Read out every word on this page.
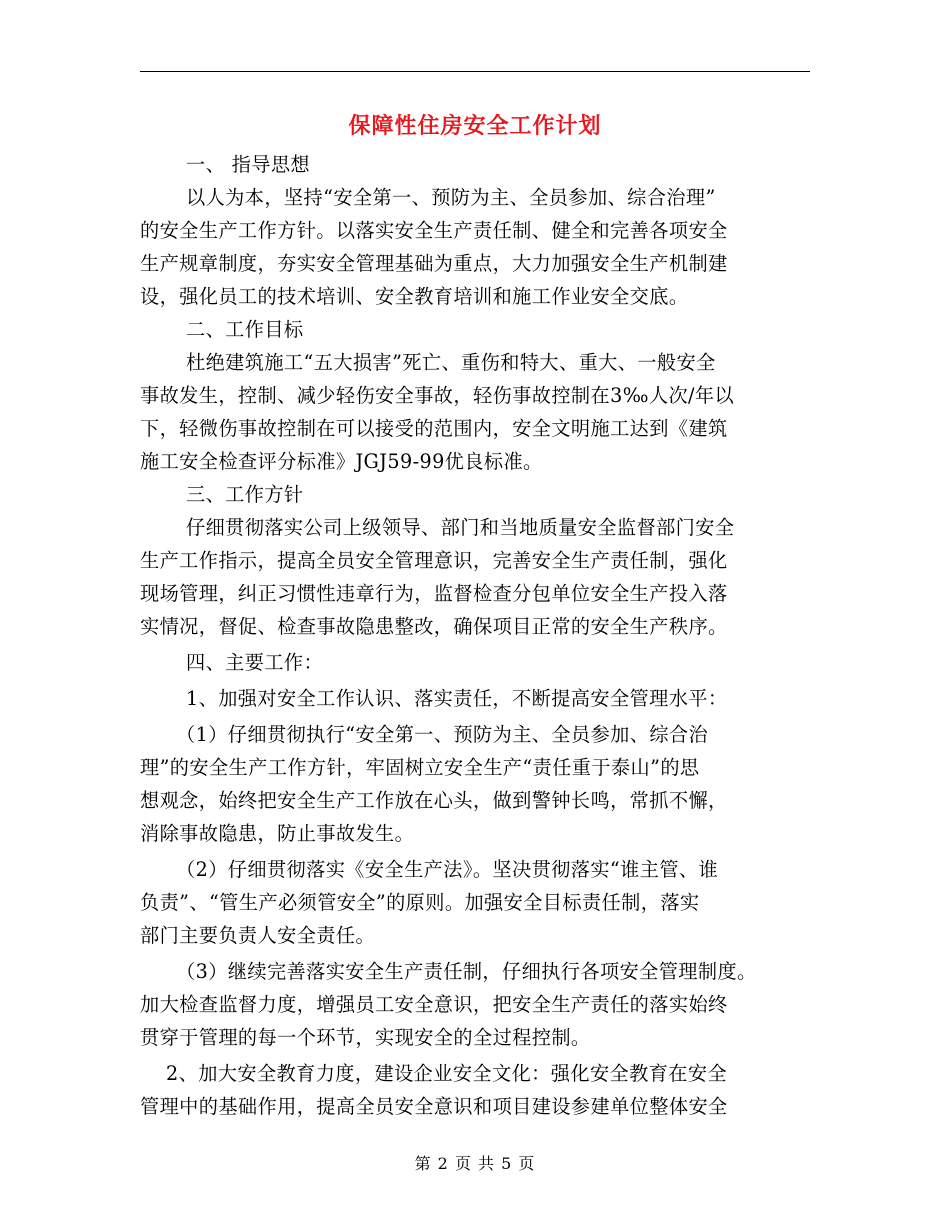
保障性住房安全工作计划
一、 指导思想
以人为本，坚持“安全第一、预防为主、全员参加、综合治理”
的安全生产工作方针。以落实安全生产责任制、健全和完善各项安全
生产规章制度，夯实安全管理基础为重点，大力加强安全生产机制建
设，强化员工的技术培训、安全教育培训和施工作业安全交底。
二、工作目标
杜绝建筑施工“五大损害”死亡、重伤和特大、重大、一般安全
事故发生，控制、减少轻伤安全事故，轻伤事故控制在3‰人次/年以
下，轻微伤事故控制在可以接受的范围内，安全文明施工达到《建筑
施工安全检查评分标准》JGJ59-99优良标准。
三、工作方针
仔细贯彻落实公司上级领导、部门和当地质量安全监督部门安全
生产工作指示，提高全员安全管理意识，完善安全生产责任制，强化
现场管理，纠正习惯性违章行为，监督检查分包单位安全生产投入落
实情况，督促、检查事故隐患整改，确保项目正常的安全生产秩序。
四、主要工作：
1、加强对安全工作认识、落实责任，不断提高安全管理水平：
（1）仔细贯彻执行“安全第一、预防为主、全员参加、综合治
理”的安全生产工作方针，牢固树立安全生产“责任重于泰山”的思
想观念，始终把安全生产工作放在心头，做到警钟长鸣，常抓不懈，
消除事故隐患，防止事故发生。
（2）仔细贯彻落实《安全生产法》。坚决贯彻落实“谁主管、谁
负责”、“管生产必须管安全”的原则。加强安全目标责任制，落实
部门主要负责人安全责任。
（3）继续完善落实安全生产责任制，仔细执行各项安全管理制度。
加大检查监督力度，增强员工安全意识，把安全生产责任的落实始终
贯穿于管理的每一个环节，实现安全的全过程控制。
2、加大安全教育力度，建设企业安全文化：强化安全教育在安全
管理中的基础作用，提高全员安全意识和项目建设参建单位整体安全
第 2 页 共 5 页
